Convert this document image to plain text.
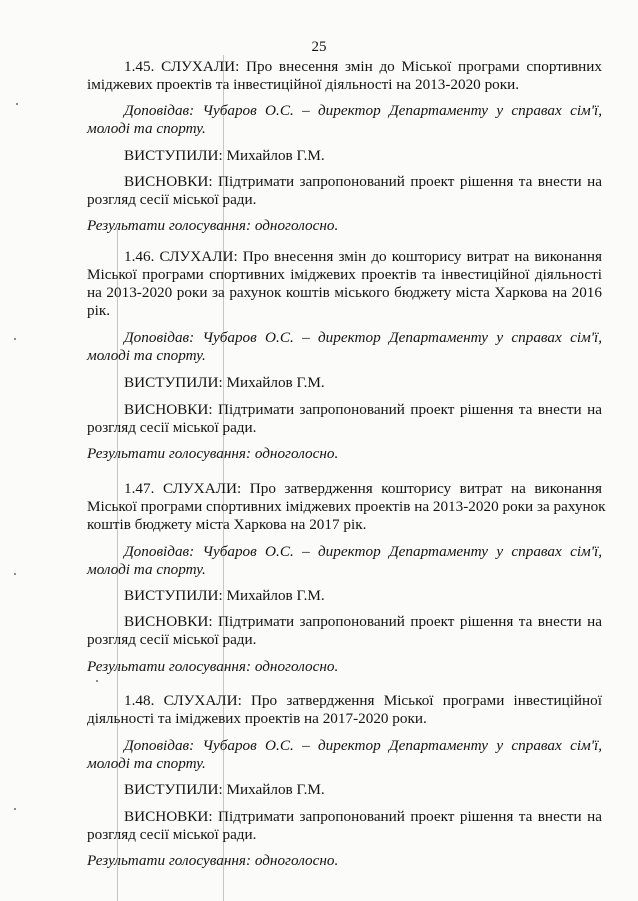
25
1.45. СЛУХАЛИ: Про внесення змін до Міської програми спортивних
іміджевих проектів та інвестиційної діяльності на 2013-2020 роки.
Доповідав: Чубаров О.С. – директор Департаменту у справах сім'ї,
молоді та спорту.
ВИСТУПИЛИ: Михайлов Г.М.
ВИСНОВКИ: Підтримати запропонований проект рішення та внести на
розгляд сесії міської ради.
Результати голосування: одноголосно.
1.46. СЛУХАЛИ: Про внесення змін до кошторису витрат на виконання
Міської програми спортивних іміджевих проектів та інвестиційної діяльності
на 2013-2020 роки за рахунок коштів міського бюджету міста Харкова на 2016
рік.
Доповідав: Чубаров О.С. – директор Департаменту у справах сім'ї,
молоді та спорту.
ВИСТУПИЛИ: Михайлов Г.М.
ВИСНОВКИ: Підтримати запропонований проект рішення та внести на
розгляд сесії міської ради.
Результати голосування: одноголосно.
1.47. СЛУХАЛИ: Про затвердження кошторису витрат на виконання
Міської програми спортивних іміджевих проектів на 2013-2020 роки за рахунок
коштів бюджету міста Харкова на 2017 рік.
Доповідав: Чубаров О.С. – директор Департаменту у справах сім'ї,
молоді та спорту.
ВИСТУПИЛИ: Михайлов Г.М.
ВИСНОВКИ: Підтримати запропонований проект рішення та внести на
розгляд сесії міської ради.
Результати голосування: одноголосно.
1.48. СЛУХАЛИ: Про затвердження Міської програми інвестиційної
діяльності та іміджевих проектів на 2017-2020 роки.
Доповідав: Чубаров О.С. – директор Департаменту у справах сім'ї,
молоді та спорту.
ВИСТУПИЛИ: Михайлов Г.М.
ВИСНОВКИ: Підтримати запропонований проект рішення та внести на
розгляд сесії міської ради.
Результати голосування: одноголосно.
